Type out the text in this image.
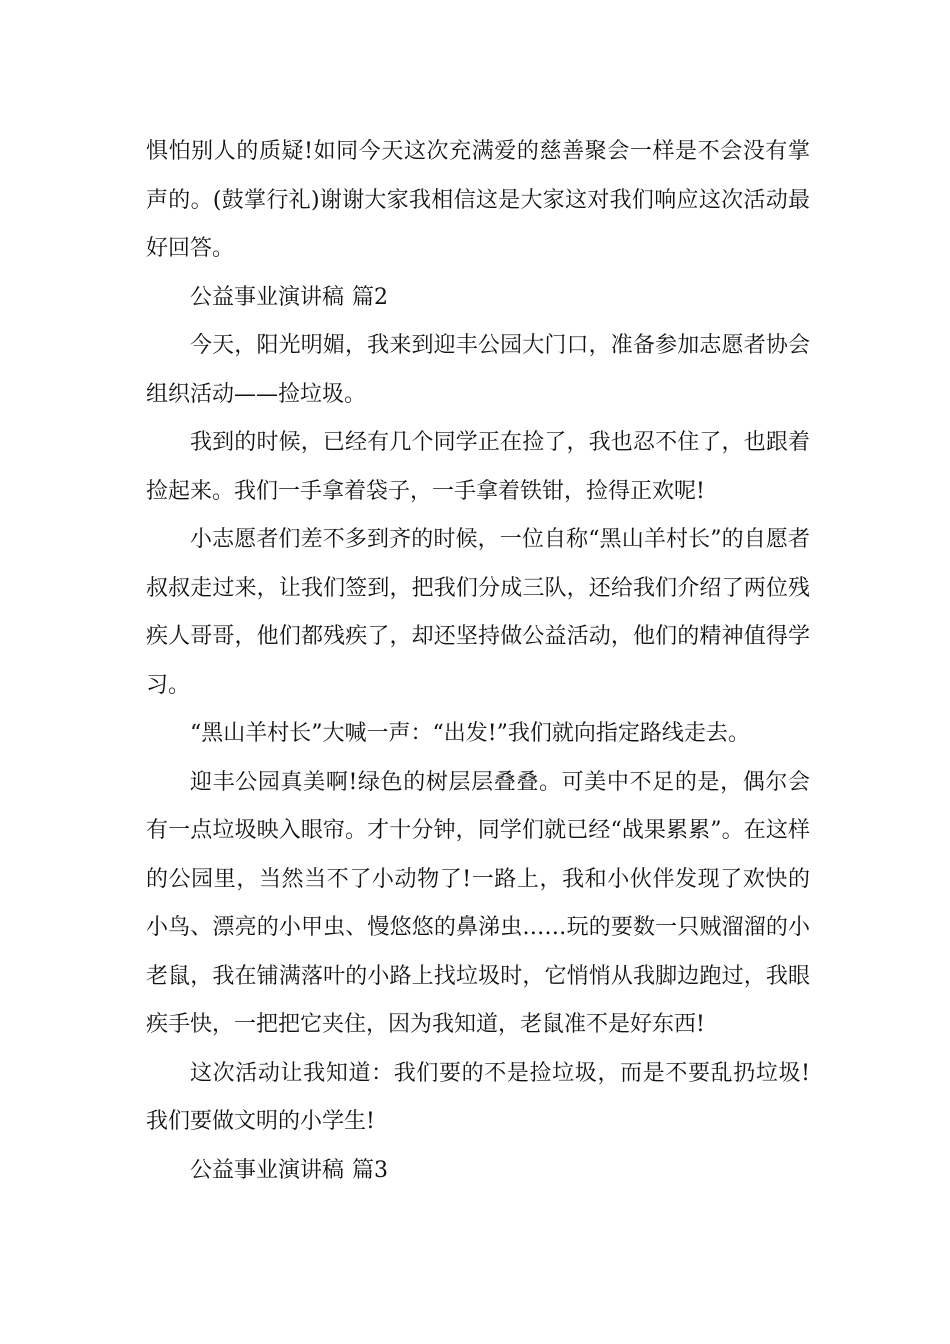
惧怕别人的质疑!如同今天这次充满爱的慈善聚会一样是不会没有掌声的。(鼓掌行礼)谢谢大家我相信这是大家这对我们响应这次活动最好回答。

公益事业演讲稿 篇2

今天，阳光明媚，我来到迎丰公园大门口，准备参加志愿者协会组织活动——捡垃圾。

我到的时候，已经有几个同学正在捡了，我也忍不住了，也跟着捡起来。我们一手拿着袋子，一手拿着铁钳，捡得正欢呢!

小志愿者们差不多到齐的时候，一位自称“黑山羊村长”的自愿者叔叔走过来，让我们签到，把我们分成三队，还给我们介绍了两位残疾人哥哥，他们都残疾了，却还坚持做公益活动，他们的精神值得学习。

“黑山羊村长”大喊一声：“出发!”我们就向指定路线走去。

迎丰公园真美啊!绿色的树层层叠叠。可美中不足的是，偶尔会有一点垃圾映入眼帘。才十分钟，同学们就已经“战果累累”。在这样的公园里，当然当不了小动物了!一路上，我和小伙伴发现了欢快的小鸟、漂亮的小甲虫、慢悠悠的鼻涕虫……玩的要数一只贼溜溜的小老鼠，我在铺满落叶的小路上找垃圾时，它悄悄从我脚边跑过，我眼疾手快，一把把它夹住，因为我知道，老鼠准不是好东西!

这次活动让我知道：我们要的不是捡垃圾，而是不要乱扔垃圾!我们要做文明的小学生!

公益事业演讲稿 篇3
